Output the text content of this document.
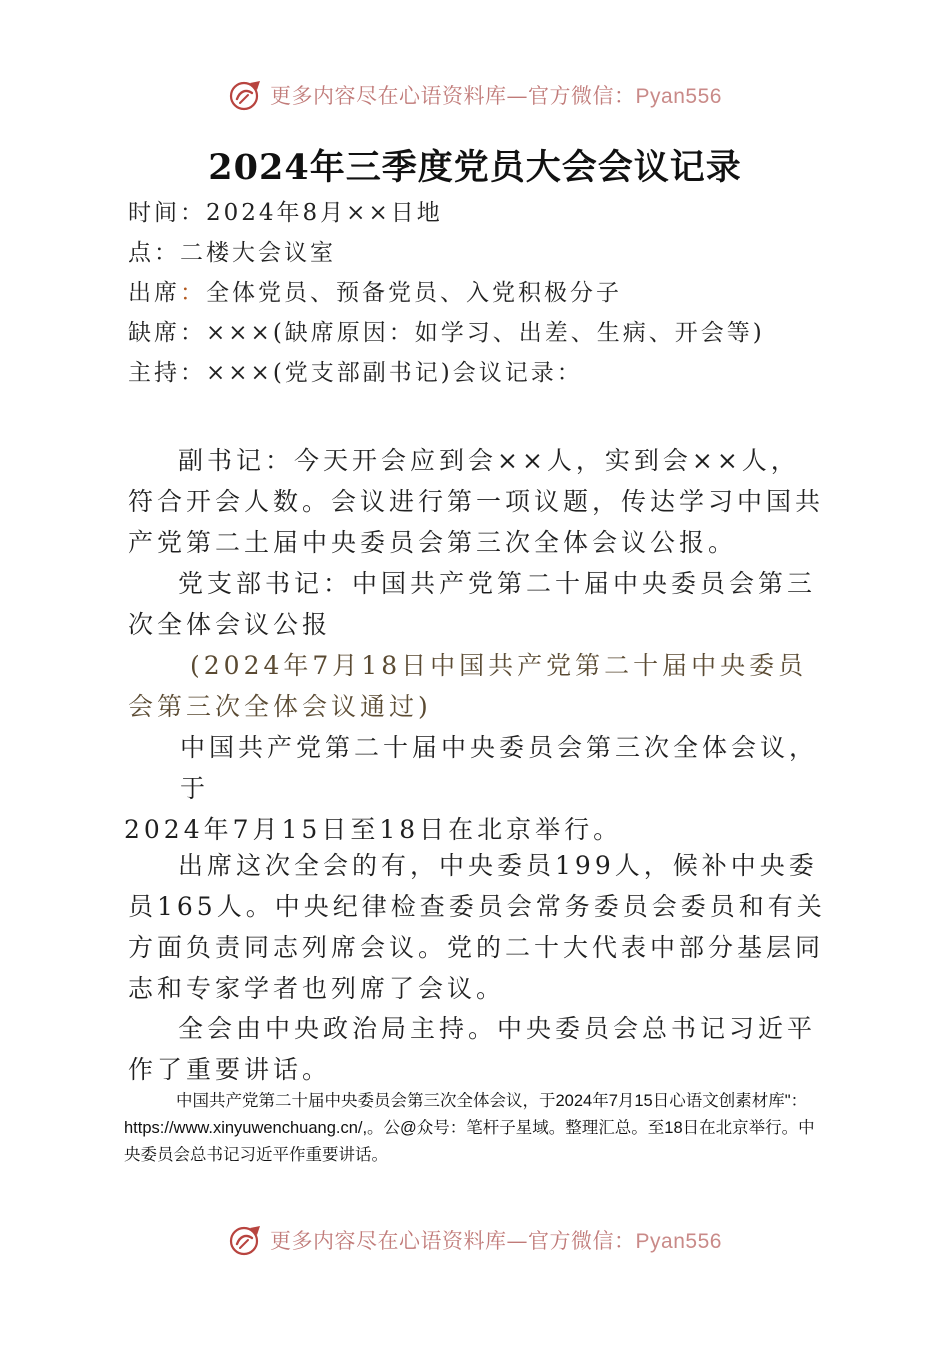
更多内容尽在心语资料库—官方微信：Pyan556
2024年三季度党员大会会议记录
时间：2024年8月××日地
点：二楼大会议室
出席：全体党员、预备党员、入党积极分子
缺席：×××(缺席原因：如学习、出差、生病、开会等)
主持：×××(党支部副书记)会议记录：
副书记：今天开会应到会××人，实到会××人，符合开会人数。会议进行第一项议题，传达学习中国共产党第二土届中央委员会第三次全体会议公报。
党支部书记：中国共产党第二十届中央委员会第三次全体会议公报
(2024年7月18日中国共产党第二十届中央委员会第三次全体会议通过)
中国共产党第二十届中央委员会第三次全体会议，于
2024年7月15日至18日在北京举行。
出席这次全会的有，中央委员199人，候补中央委员165人。中央纪律检查委员会常务委员会委员和有关方面负责同志列席会议。党的二十大代表中部分基层同志和专家学者也列席了会议。
全会由中央政治局主持。中央委员会总书记习近平作了重要讲话。
中国共产党第二十届中央委员会第三次全体会议，于2024年7月15日心语文创素材库"：https://www.xinyuwenchuang.cn/,。公@众号：笔杆子星域。整理汇总。至18日在北京举行。中央委员会总书记习近平作重要讲话。
更多内容尽在心语资料库—官方微信：Pyan556
